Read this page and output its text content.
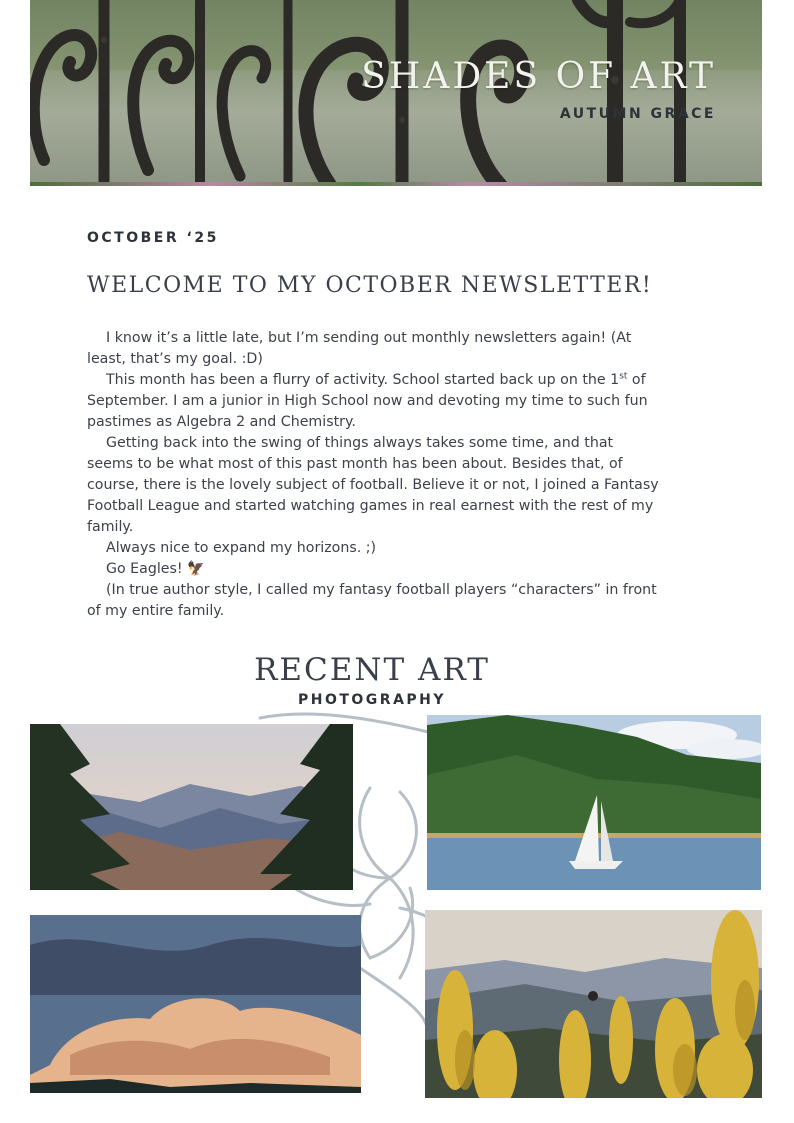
SHADES OF ART
AUTUMN GRACE
OCTOBER ‘25
WELCOME TO MY OCTOBER NEWSLETTER!

I know it’s a little late, but I’m sending out monthly newsletters again! (At least, that’s my goal. :D)

This month has been a flurry of activity. School started back up on the 1st of September. I am a junior in High School now and devoting my time to such fun pastimes as Algebra 2 and Chemistry.

Getting back into the swing of things always takes some time, and that seems to be what most of this past month has been about. Besides that, of course, there is the lovely subject of football. Believe it or not, I joined a Fantasy Football League and started watching games in real earnest with the rest of my family.

Always nice to expand my horizons. ;)

Go Eagles! 🦅

(In true author style, I called my fantasy football players “characters” in front of my entire family.

RECENT ART
PHOTOGRAPHY
